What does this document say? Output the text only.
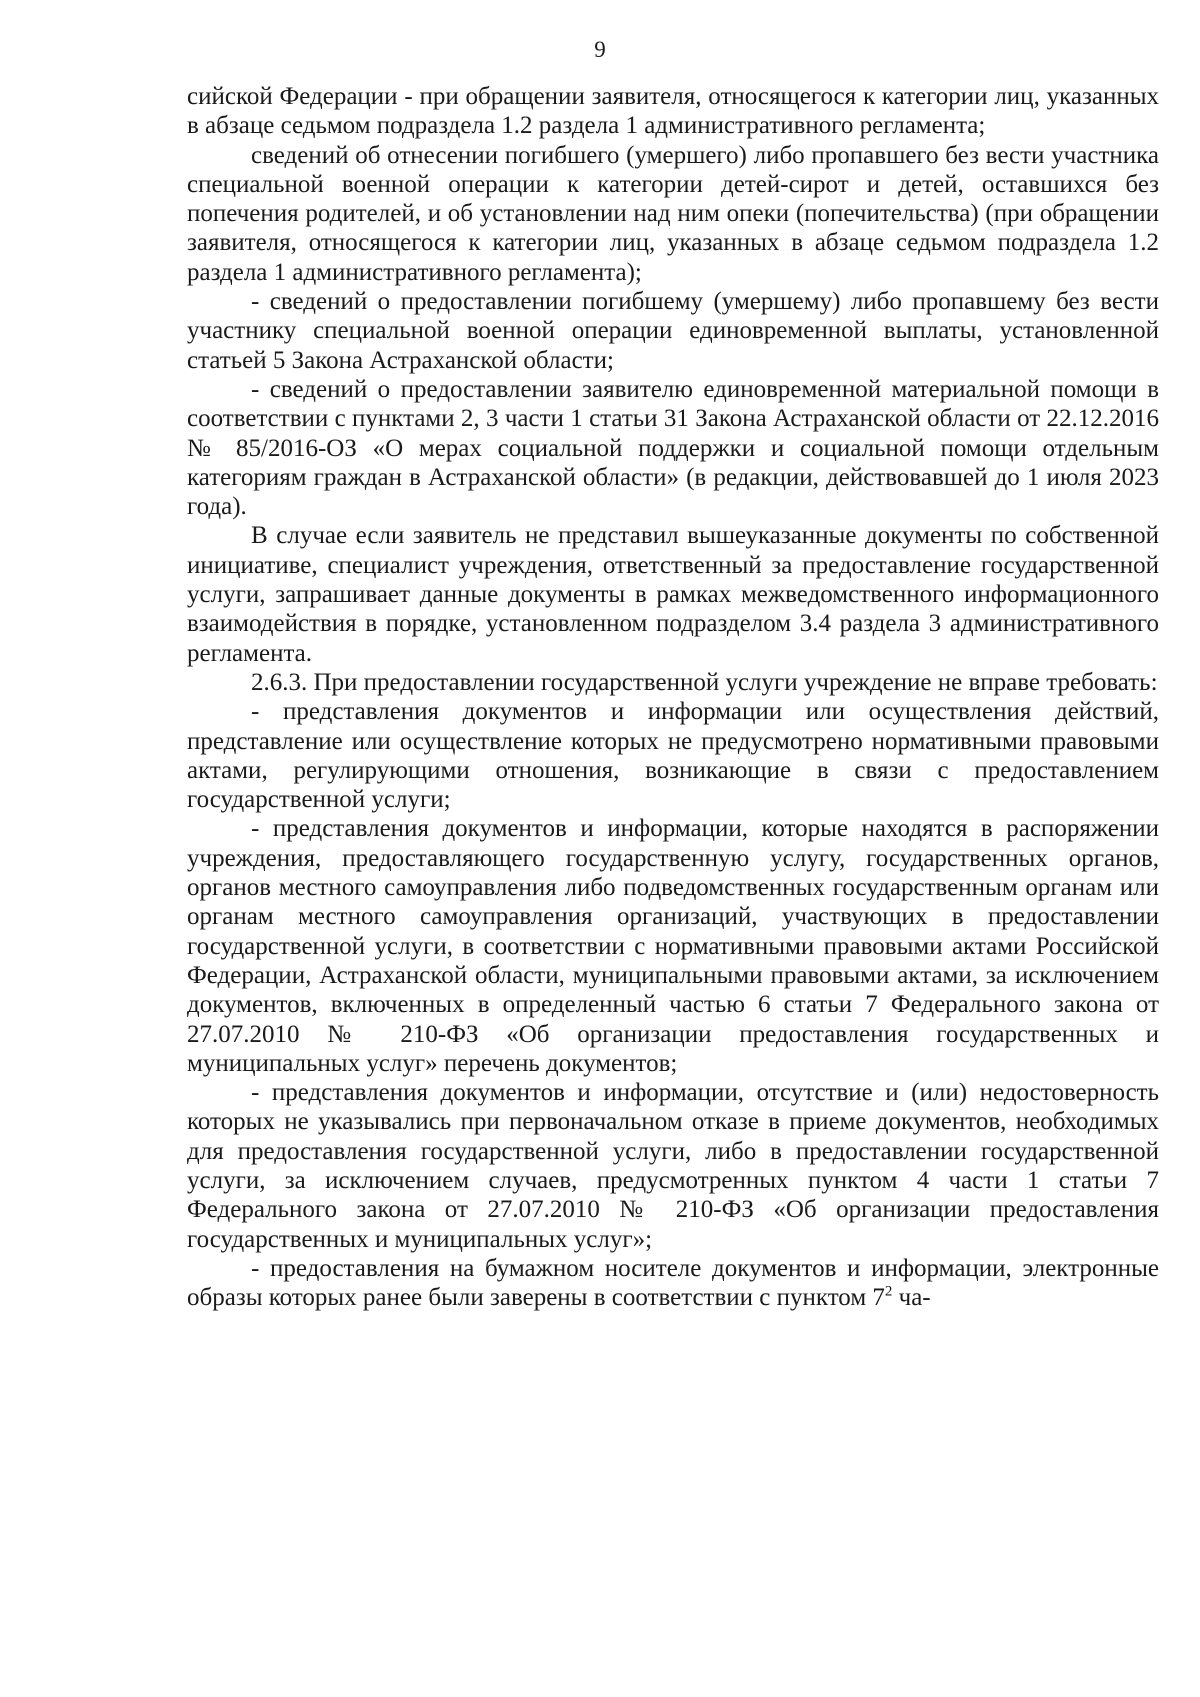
9

сийской Федерации - при обращении заявителя, относящегося к категории лиц, указанных в абзаце седьмом подраздела 1.2 раздела 1 административного регламента;

сведений об отнесении погибшего (умершего) либо пропавшего без вести участника специальной военной операции к категории детей-сирот и детей, оставшихся без попечения родителей, и об установлении над ним опеки (попечительства) (при обращении заявителя, относящегося к категории лиц, указанных в абзаце седьмом подраздела 1.2 раздела 1 административного регламента);

- сведений о предоставлении погибшему (умершему) либо пропавшему без вести участнику специальной военной операции единовременной выплаты, установленной статьей 5 Закона Астраханской области;

- сведений о предоставлении заявителю единовременной материальной помощи в соответствии с пунктами 2, 3 части 1 статьи 31 Закона Астраханской области от 22.12.2016 № 85/2016-ОЗ «О мерах социальной поддержки и социальной помощи отдельным категориям граждан в Астраханской области» (в редакции, действовавшей до 1 июля 2023 года).

В случае если заявитель не представил вышеуказанные документы по собственной инициативе, специалист учреждения, ответственный за предоставление государственной услуги, запрашивает данные документы в рамках межведомственного информационного взаимодействия в порядке, установленном подразделом 3.4 раздела 3 административного регламента.

2.6.3. При предоставлении государственной услуги учреждение не вправе требовать:

- представления документов и информации или осуществления действий, представление или осуществление которых не предусмотрено нормативными правовыми актами, регулирующими отношения, возникающие в связи с предоставлением государственной услуги;

- представления документов и информации, которые находятся в распоряжении учреждения, предоставляющего государственную услугу, государственных органов, органов местного самоуправления либо подведомственных государственным органам или органам местного самоуправления организаций, участвующих в предоставлении государственной услуги, в соответствии с нормативными правовыми актами Российской Федерации, Астраханской области, муниципальными правовыми актами, за исключением документов, включенных в определенный частью 6 статьи 7 Федерального закона от 27.07.2010 № 210-ФЗ «Об организации предоставления государственных и муниципальных услуг» перечень документов;

- представления документов и информации, отсутствие и (или) недостоверность которых не указывались при первоначальном отказе в приеме документов, необходимых для предоставления государственной услуги, либо в предоставлении государственной услуги, за исключением случаев, предусмотренных пунктом 4 части 1 статьи 7 Федерального закона от 27.07.2010 № 210-ФЗ «Об организации предоставления государственных и муниципальных услуг»;

- предоставления на бумажном носителе документов и информации, электронные образы которых ранее были заверены в соответствии с пунктом $7^2$ ча-
